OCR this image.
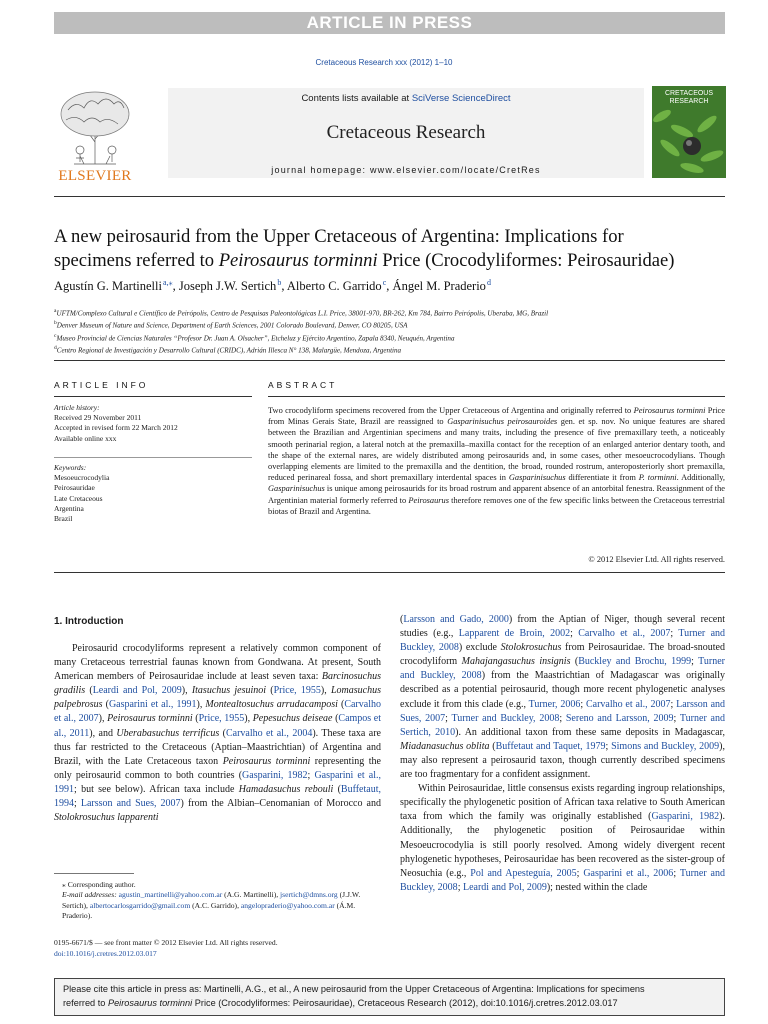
ARTICLE IN PRESS
Cretaceous Research xxx (2012) 1–10
ELSEVIER
Contents lists available at SciVerse ScienceDirect
Cretaceous Research
journal homepage: www.elsevier.com/locate/CretRes
CRETACEOUS RESEARCH
A new peirosaurid from the Upper Cretaceous of Argentina: Implications for
specimens referred to Peirosaurus torminni Price (Crocodyliformes: Peirosauridae)
Agustín G. Martinelli $^{a,⁎}$, Joseph J.W. Sertich $^b$, Alberto C. Garrido $^c$, Ángel M. Praderio $^d$
$^a$UFTM/Complexo Cultural e Científico de Peirópolis, Centro de Pesquisas Paleontológicas L.I. Price, 38001-970, BR-262, Km 784, Bairro Peirópolis, Uberaba, MG, Brazil
$^b$Denver Museum of Nature and Science, Department of Earth Sciences, 2001 Colorado Boulevard, Denver, CO 80205, USA
$^c$Museo Provincial de Ciencias Naturales “Profesor Dr. Juan A. Olsacher”, Etcheluz y Ejército Argentino, Zapala 8340, Neuquén, Argentina
$^d$Centro Regional de Investigación y Desarrollo Cultural (CRIDC), Adrián Illesca N° 138, Malargüe, Mendoza, Argentina
ARTICLE INFO	ABSTRACT
Article history:
Received 29 November 2011
Accepted in revised form 22 March 2012
Available online xxx
Keywords:
Mesoeucrocodylia
Peirosauridae
Late Cretaceous
Argentina
Brazil
Two crocodyliform specimens recovered from the Upper Cretaceous of Argentina and originally referred to Peirosaurus torminni Price from Minas Gerais State, Brazil are reassigned to Gasparinisuchus peirosauroides gen. et sp. nov. No unique features are shared between the Brazilian and Argentinian specimens and many traits, including the presence of five premaxillary teeth, a noticeably smooth perinarial region, a lateral notch at the premaxilla–maxilla contact for the reception of an enlarged anterior dentary tooth, and the shape of the external nares, are widely distributed among peirosaurids and, in some cases, other mesoeucrocodylians. Though overlapping elements are limited to the premaxilla and the dentition, the broad, rounded rostrum, anteroposteriorly short premaxilla, reduced perinareal fossa, and short premaxillary interdental spaces in Gasparinisuchus differentiate it from P. torminni. Additionally, Gasparinisuchus is unique among peirosaurids for its broad rostrum and apparent absence of an antorbital fenestra. Reassignment of the Argentinian material formerly referred to Peirosaurus therefore removes one of the few specific links between the Cretaceous terrestrial biotas of Brazil and Argentina.
© 2012 Elsevier Ltd. All rights reserved.
1. Introduction
Peirosaurid crocodyliforms represent a relatively common component of many Cretaceous terrestrial faunas known from Gondwana. At present, South American members of Peirosauridae include at least seven taxa: Barcinosuchus gradilis (Leardi and Pol, 2009), Itasuchus jesuinoi (Price, 1955), Lomasuchus palpebrosus (Gasparini et al., 1991), Montealtosuchus arrudacamposi (Carvalho et al., 2007), Peirosaurus torminni (Price, 1955), Pepesuchus deiseae (Campos et al., 2011), and Uberabasuchus terrificus (Carvalho et al., 2004). These taxa are thus far restricted to the Cretaceous (Aptian–Maastrichtian) of Argentina and Brazil, with the Late Cretaceous taxon Peirosaurus torminni representing the only peirosaurid common to both countries (Gasparini, 1982; Gasparini et al., 1991; but see below). African taxa include Hamadasuchus rebouli (Buffetaut, 1994; Larsson and Sues, 2007) from the Albian–Cenomanian of Morocco and Stolokrosuchus lapparenti
(Larsson and Gado, 2000) from the Aptian of Niger, though several recent studies (e.g., Lapparent de Broin, 2002; Carvalho et al., 2007; Turner and Buckley, 2008) exclude Stolokrosuchus from Peirosauridae. The broad-snouted crocodyliform Mahajangasuchus insignis (Buckley and Brochu, 1999; Turner and Buckley, 2008) from the Maastrichtian of Madagascar was originally described as a potential peirosaurid, though more recent phylogenetic analyses exclude it from this clade (e.g., Turner, 2006; Carvalho et al., 2007; Larsson and Sues, 2007; Turner and Buckley, 2008; Sereno and Larsson, 2009; Turner and Sertich, 2010). An additional taxon from these same deposits in Madagascar, Miadanasuchus oblita (Buffetaut and Taquet, 1979; Simons and Buckley, 2009), may also represent a peirosaurid taxon, though currently described specimens are too fragmentary for a confident assignment.
Within Peirosauridae, little consensus exists regarding ingroup relationships, specifically the phylogenetic position of African taxa relative to South American taxa from which the family was originally established (Gasparini, 1982). Additionally, the phylogenetic position of Peirosauridae within Mesoeucrocodylia is still poorly resolved. Among widely divergent recent phylogenetic hypotheses, Peirosauridae has been recovered as the sister-group of Neosuchia (e.g., Pol and Apesteguía, 2005; Gasparini et al., 2006; Turner and Buckley, 2008; Leardi and Pol, 2009); nested within the clade
⁎ Corresponding author.
E-mail addresses: agustin_martinelli@yahoo.com.ar (A.G. Martinelli), jsertich@dmns.org (J.J.W. Sertich), albertocarlosgarrido@gmail.com (A.C. Garrido), angelopraderio@yahoo.com.ar (Á.M. Praderio).
0195-6671/$ — see front matter © 2012 Elsevier Ltd. All rights reserved.
doi:10.1016/j.cretres.2012.03.017
Please cite this article in press as: Martinelli, A.G., et al., A new peirosaurid from the Upper Cretaceous of Argentina: Implications for specimens
referred to Peirosaurus torminni Price (Crocodyliformes: Peirosauridae), Cretaceous Research (2012), doi:10.1016/j.cretres.2012.03.017
